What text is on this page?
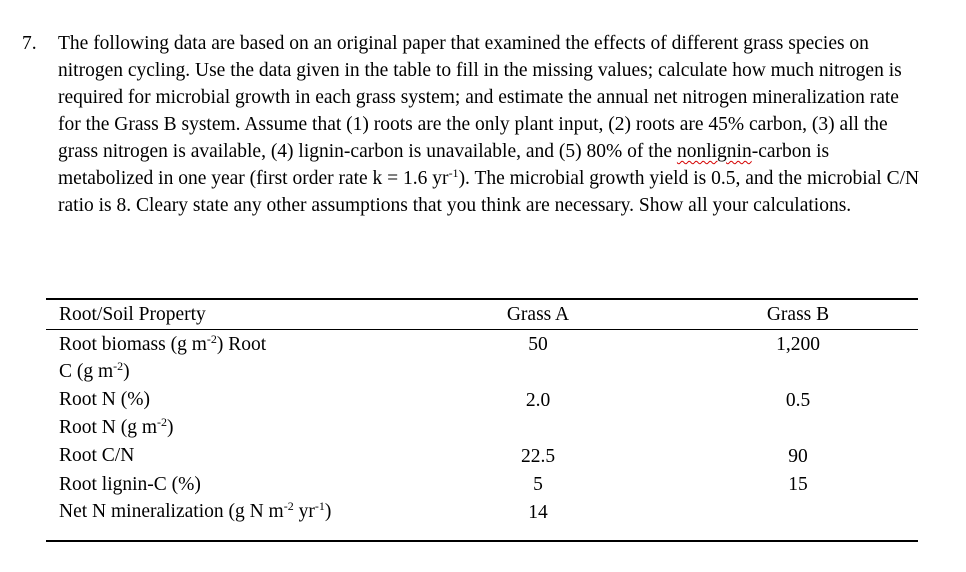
7. The following data are based on an original paper that examined the effects of different grass species on nitrogen cycling. Use the data given in the table to fill in the missing values; calculate how much nitrogen is required for microbial growth in each grass system; and estimate the annual net nitrogen mineralization rate for the Grass B system. Assume that (1) roots are the only plant input, (2) roots are 45% carbon, (3) all the grass nitrogen is available, (4) lignin-carbon is unavailable, and (5) 80% of the nonlignin-carbon is metabolized in one year (first order rate k = 1.6 $yr^{-1}$). The microbial growth yield is 0.5, and the microbial C/N ratio is 8. Cleary state any other assumptions that you think are necessary. Show all your calculations.
Root/Soil Property	Grass A	Grass B
Root biomass (g $m^{-2}$) Root	50	1,200
C (g $m^{-2}$)
Root N (%)	2.0	0.5
Root N (g $m^{-2}$)
Root C/N	22.5	90
Root lignin-C (%)	5	15
Net N mineralization (g N $m^{-2}$ $yr^{-1}$)	14
